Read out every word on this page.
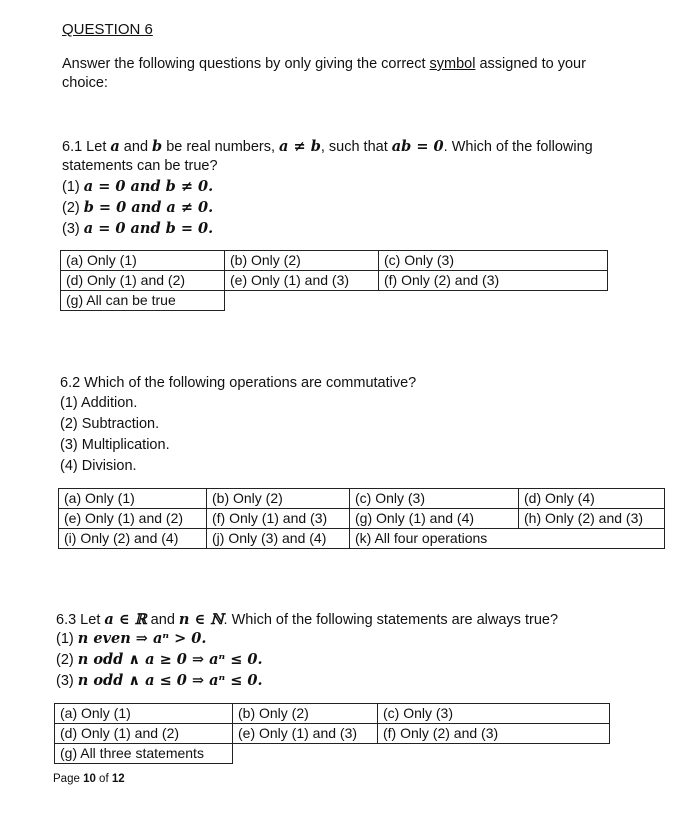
QUESTION 6
Answer the following questions by only giving the correct symbol assigned to your
choice:
6.1 Let a and b be real numbers, a ≠ b, such that ab = 0. Which of the following
statements can be true?
(1) a = 0 and b ≠ 0.
(2) b = 0 and a ≠ 0.
(3) a = 0 and b = 0.
(a) Only (1)	(b) Only (2)	(c) Only (3)
(d) Only (1) and (2)	(e) Only (1) and (3)	(f) Only (2) and (3)
(g) All can be true		
6.2 Which of the following operations are commutative?
(1) Addition.
(2) Subtraction.
(3) Multiplication.
(4) Division.
(a) Only (1)	(b) Only (2)	(c) Only (3)	(d) Only (4)
(e) Only (1) and (2)	(f) Only (1) and (3)	(g) Only (1) and (4)	(h) Only (2) and (3)
(i) Only (2) and (4)	(j) Only (3) and (4)	(k) All four operations	
6.3 Let a ∈ ℝ and n ∈ ℕ. Which of the following statements are always true?
(1) n even ⇒ aⁿ > 0.
(2) n odd ∧ a ≥ 0 ⇒ aⁿ ≤ 0.
(3) n odd ∧ a ≤ 0 ⇒ aⁿ ≤ 0.
(a) Only (1)	(b) Only (2)	(c) Only (3)
(d) Only (1) and (2)	(e) Only (1) and (3)	(f) Only (2) and (3)
(g) All three statements		
Page 10 of 12
